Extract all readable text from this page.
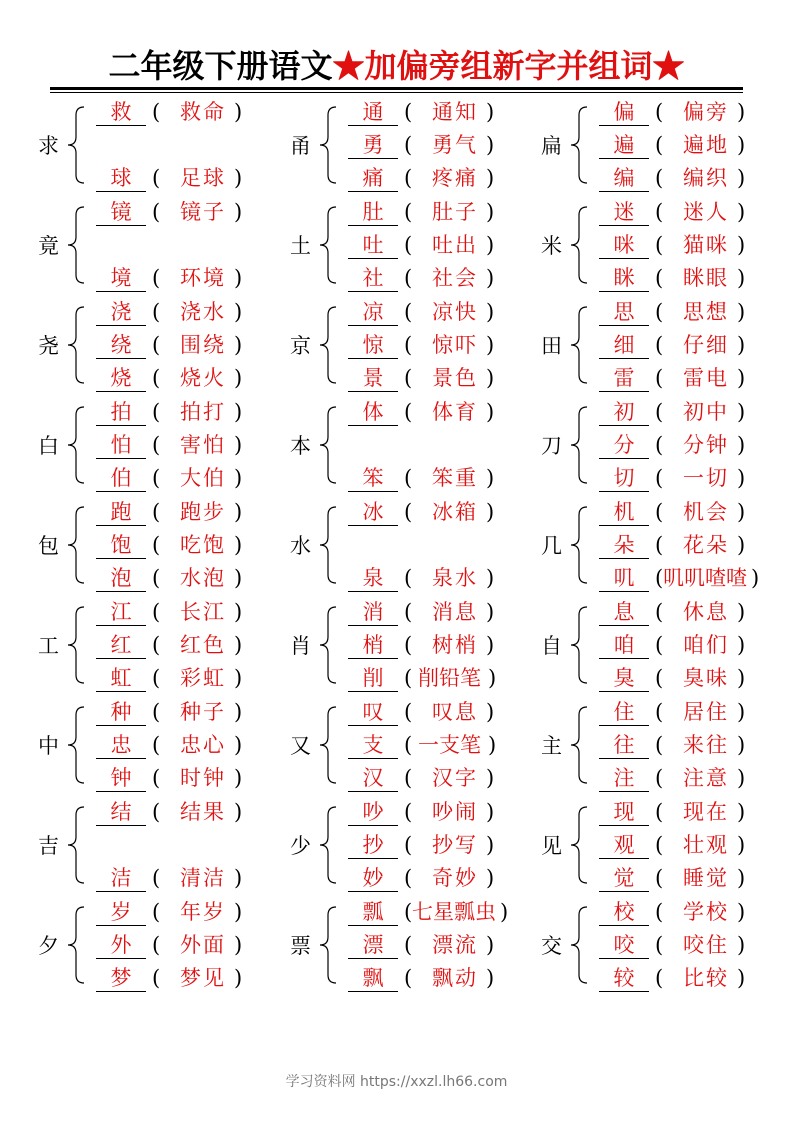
二年级下册语文★加偏旁组新字并组词★
求
救 ( 救命 )
球 ( 足球 )
竟
镜 ( 镜子 )
境 ( 环境 )
尧
浇 ( 浇水 )
绕 ( 围绕 )
烧 ( 烧火 )
白
拍 ( 拍打 )
怕 ( 害怕 )
伯 ( 大伯 )
包
跑 ( 跑步 )
饱 ( 吃饱 )
泡 ( 水泡 )
工
江 ( 长江 )
红 ( 红色 )
虹 ( 彩虹 )
中
种 ( 种子 )
忠 ( 忠心 )
钟 ( 时钟 )
吉
结 ( 结果 )
洁 ( 清洁 )
夕
岁 ( 年岁 )
外 ( 外面 )
梦 ( 梦见 )
甬
通 ( 通知 )
勇 ( 勇气 )
痛 ( 疼痛 )
土
肚 ( 肚子 )
吐 ( 吐出 )
社 ( 社会 )
京
凉 ( 凉快 )
惊 ( 惊吓 )
景 ( 景色 )
本
体 ( 体育 )
笨 ( 笨重 )
水
冰 ( 冰箱 )
泉 ( 泉水 )
肖
消 ( 消息 )
梢 ( 树梢 )
削 ( 削铅笔 )
又
叹 ( 叹息 )
支 ( 一支笔 )
汉 ( 汉字 )
少
吵 ( 吵闹 )
抄 ( 抄写 )
妙 ( 奇妙 )
票
瓢 ( 七星瓢虫 )
漂 ( 漂流 )
飘 ( 飘动 )
扁
偏 ( 偏旁 )
遍 ( 遍地 )
编 ( 编织 )
米
迷 ( 迷人 )
咪 ( 猫咪 )
眯 ( 眯眼 )
田
思 ( 思想 )
细 ( 仔细 )
雷 ( 雷电 )
刀
初 ( 初中 )
分 ( 分钟 )
切 ( 一切 )
几
机 ( 机会 )
朵 ( 花朵 )
叽 ( 叽叽喳喳 )
自
息 ( 休息 )
咱 ( 咱们 )
臭 ( 臭味 )
主
住 ( 居住 )
往 ( 来往 )
注 ( 注意 )
见
现 ( 现在 )
观 ( 壮观 )
觉 ( 睡觉 )
交
校 ( 学校 )
咬 ( 咬住 )
较 ( 比较 )
学习资料网 https://xxzl.lh66.com
